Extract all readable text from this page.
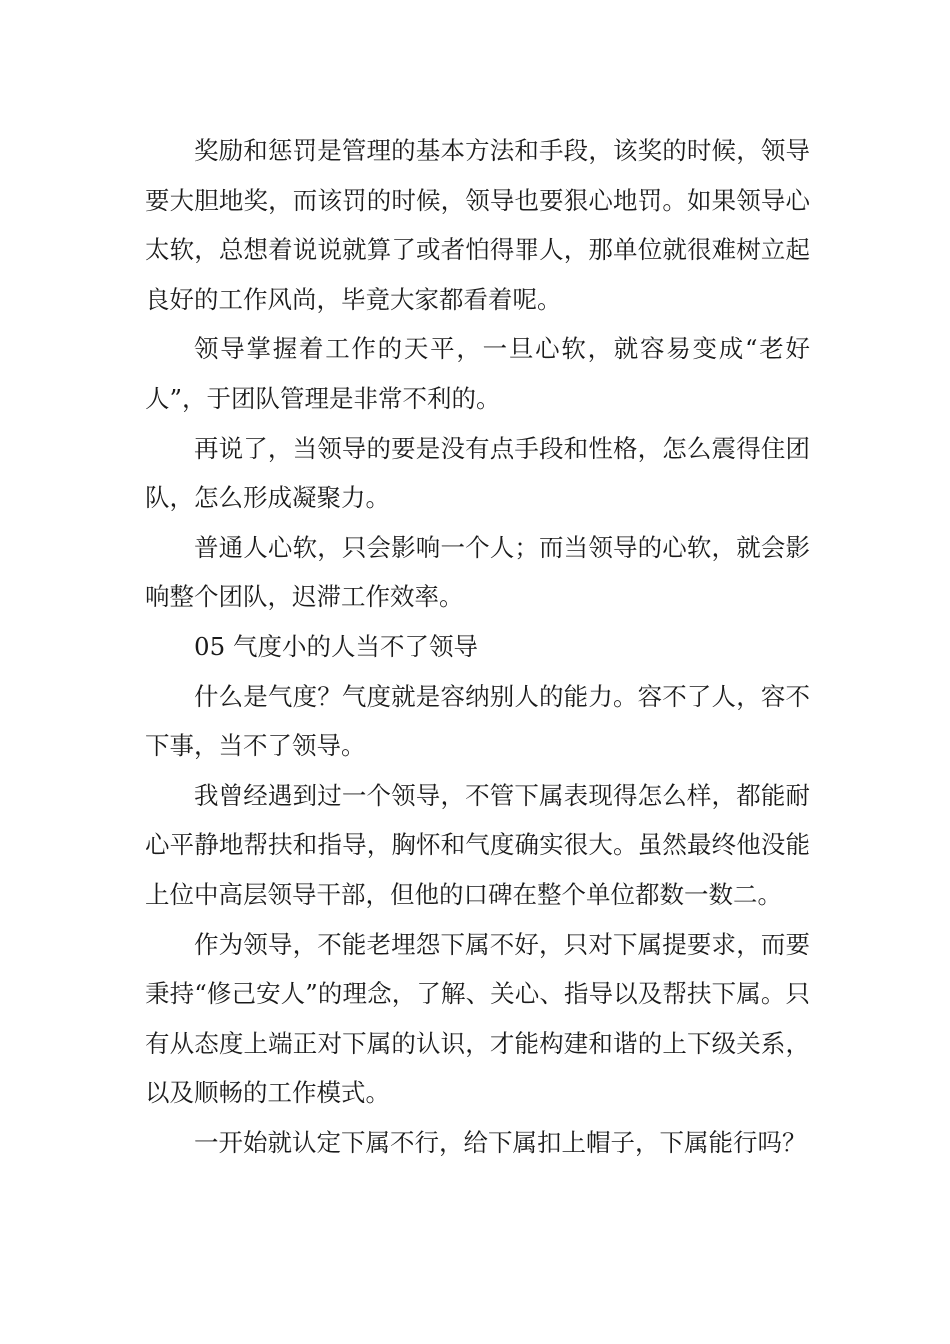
奖励和惩罚是管理的基本方法和手段，该奖的时候，领导要大胆地奖，而该罚的时候，领导也要狠心地罚。如果领导心太软，总想着说说就算了或者怕得罪人，那单位就很难树立起良好的工作风尚，毕竟大家都看着呢。

领导掌握着工作的天平，一旦心软，就容易变成“老好人”，于团队管理是非常不利的。

再说了，当领导的要是没有点手段和性格，怎么震得住团队，怎么形成凝聚力。

普通人心软，只会影响一个人；而当领导的心软，就会影响整个团队，迟滞工作效率。

05 气度小的人当不了领导

什么是气度？气度就是容纳别人的能力。容不了人，容不下事，当不了领导。

我曾经遇到过一个领导，不管下属表现得怎么样，都能耐心平静地帮扶和指导，胸怀和气度确实很大。虽然最终他没能上位中高层领导干部，但他的口碑在整个单位都数一数二。

作为领导，不能老埋怨下属不好，只对下属提要求，而要秉持“修己安人”的理念，了解、关心、指导以及帮扶下属。只有从态度上端正对下属的认识，才能构建和谐的上下级关系，以及顺畅的工作模式。

一开始就认定下属不行，给下属扣上帽子，下属能行吗？
